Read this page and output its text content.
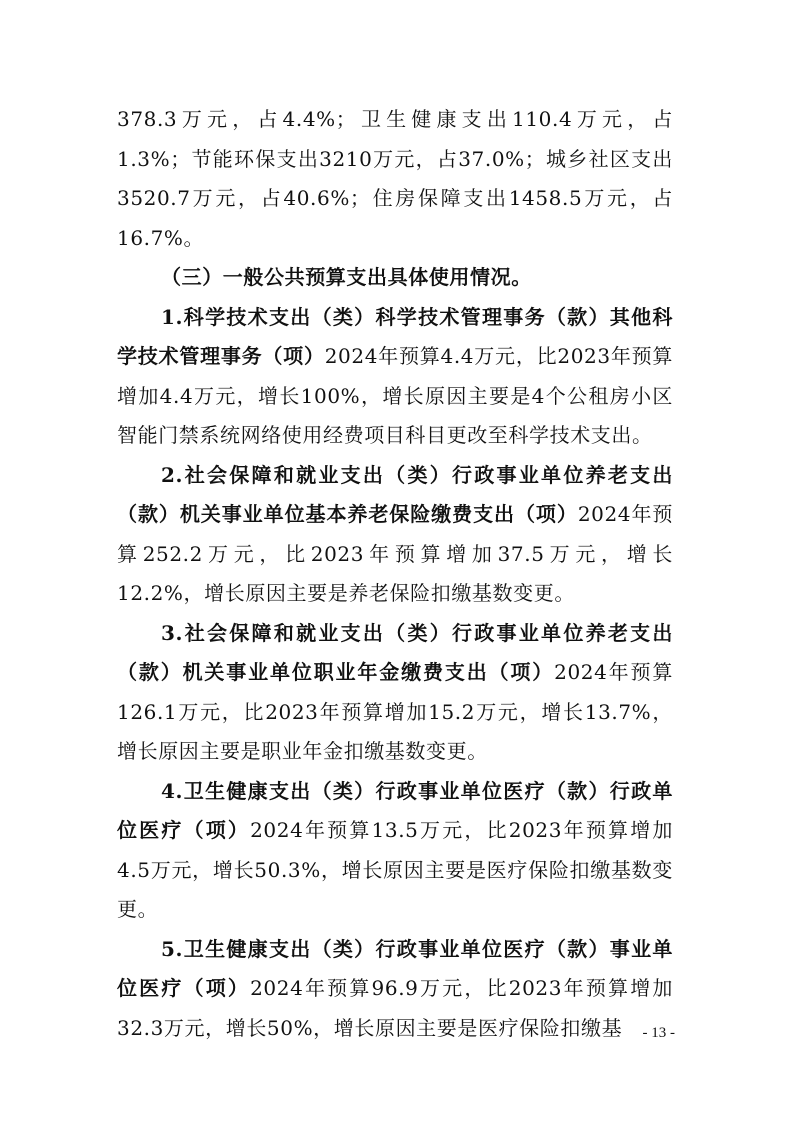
378.3万元，占4.4%；卫生健康支出110.4万元，占1.3%；节能环保支出3210万元，占37.0%；城乡社区支出3520.7万元，占40.6%；住房保障支出1458.5万元，占16.7%。

（三）一般公共预算支出具体使用情况。

1.科学技术支出（类）科学技术管理事务（款）其他科学技术管理事务（项）2024年预算4.4万元，比2023年预算增加4.4万元，增长100%，增长原因主要是4个公租房小区智能门禁系统网络使用经费项目科目更改至科学技术支出。

2.社会保障和就业支出（类）行政事业单位养老支出（款）机关事业单位基本养老保险缴费支出（项）2024年预算252.2万元，比2023年预算增加37.5万元，增长12.2%，增长原因主要是养老保险扣缴基数变更。

3.社会保障和就业支出（类）行政事业单位养老支出（款）机关事业单位职业年金缴费支出（项）2024年预算126.1万元，比2023年预算增加15.2万元，增长13.7%，增长原因主要是职业年金扣缴基数变更。

4.卫生健康支出（类）行政事业单位医疗（款）行政单位医疗（项）2024年预算13.5万元，比2023年预算增加4.5万元，增长50.3%，增长原因主要是医疗保险扣缴基数变更。

5.卫生健康支出（类）行政事业单位医疗（款）事业单位医疗（项）2024年预算96.9万元，比2023年预算增加32.3万元，增长50%，增长原因主要是医疗保险扣缴基	- 13 -
